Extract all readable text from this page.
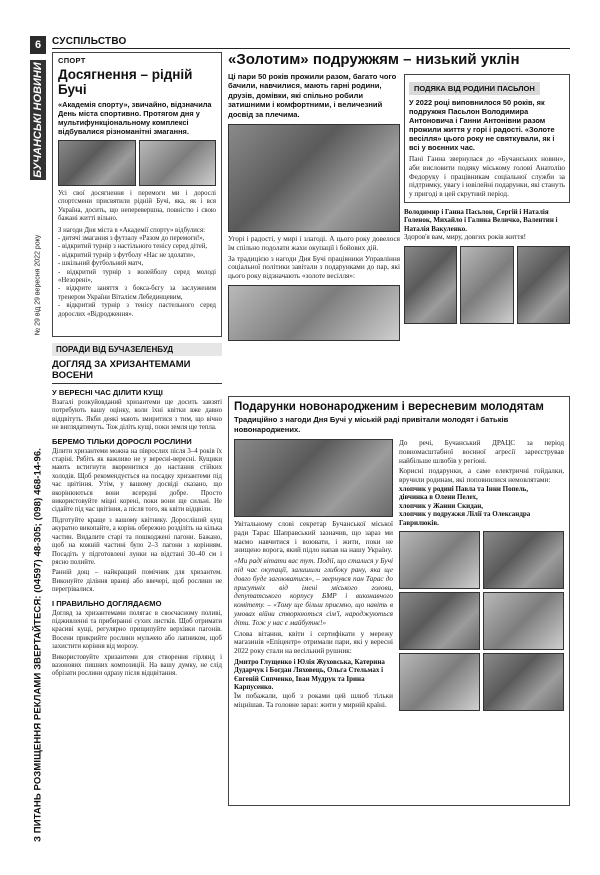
6	СУСПІЛЬСТВО
БУЧАНСЬКІ НОВИНИ
№ 29 від 29 вересня 2022 року
З ПИТАНЬ РОЗМІЩЕННЯ РЕКЛАМИ ЗВЕРТАЙТЕСЯ: (04597) 48-305; (098) 468-14-96.
СПОРТ
Досягнення – рідній Бучі
«Академія спорту», звичайно, відзначила День міста спортивно. Протягом дня у мультифункціональному комплексі відбувалися різноманітні змагання.
Усі свої досягнення і перемоги ми і дорослі спортсмени присвятили рідній Бучі, яка, як і вся Україна, досить, що неперевершна, повністю і свою бажані житті вільно.
З нагоди Дня міста в «Академії спорту» відбулися:
- дитячі змагання з футзалу «Разом до перемоги!»,
- відкритий турнір з настільного тенісу серед дітей,
- відкритий турнір з футболу «Нас не здолати»,
- шкільний футбольний матч,
- відкритий турнір з волейболу серед молоді «Незорені»,
- відкрите заняття з бокса-бєгу за заслуженим тренером України Віталієм Лебединцевим,
- відкритий турнір з тенісу пастельного серед дорослих «Відродження».
ПОРАДИ ВІД БУЧАЗЕЛЕНБУД
ДОГЛЯД ЗА ХРИЗАНТЕМАМИ ВОСЕНИ
У ВЕРЕСНІ ЧАС ДІЛИТИ КУЩІ
Взагалі розкуйовданий хризантеми ще досить завзяті потребують вашу оцінку, коли їхні квітки вже давно відцвітуть. Якби деякі мають змиритися з тим, що вічно не виглядатимуть. Тож діліть кущі, поки земля ще тепла.
БЕРЕМО ТІЛЬКИ ДОРОСЛІ РОСЛИНИ
Ділити хризантеми можна на піврослих після 3–4 років їх старіні. Рябіть як важливо не у вересні-вересні. Кущики мають встигнути вкоренитися до настання стійких холодів. Щоб рекомендується на посадку хризантеми під час цвітіння. Утім, у вашому досвіді сказано, що вкорінюються вони всередні добре. Просто використовуйте міцні корені, поки вони ще сильні. Не сідайте під час цвітіння, а після того, як квіти відцвіли.
Підготуйте краще з вашому квітнику. Доросліший кущ акуратно викопайте, а корінь обережно розділіть на кілька частин. Видалите старі та пошкоджені пагони. Бажано, щоб на кожній частині було 2–3 пагони з корінням. Посадіть у підготовлені лунки на відстані 30–40 см і рясно полийте.
Ранній дощ – найкращий помічник для хризантем. Виконуйте діління вранці або ввечері, щоб рослини не перегрівалися.
І ПРАВИЛЬНО ДОГЛЯДАЄМО
Догляд за хризантемами полягає в своєчасному поливі, підживленні та прибиранні сухих листків. Щоб отримати красиві кущі, регулярно прищипуйте верхівки пагонів. Восени прикрийте рослини мульчею або лапником, щоб захистити коріння від морозу.
Використовуйте хризантеми для створення гірлянд і вазонових пишних композицій. На вашу думку, не слід обрізати рослини одразу після відцвітання.
«Золотим» подружжям – низький уклін
Ці пари 50 років прожили разом, багато чого бачили, навчилися, мають гарні родини, друзів, домівки, які спільно робили затишними і комфортними, і величезний досвід за плечима.
Угорі і радості, у мирі і злагоді. А цього року довелося їм спільно подолати жахи окупації і бойових дій.
За традицією з нагоди Дня Бучі працівники Управління соціальної політики завітали з подарунками до пар, які цього року відзначають «золоте весілля»:
ПОДЯКА ВІД РОДИНИ ПАСЬЛОН
У 2022 році виповнилося 50 років, як подружжя Пасьлон Володимира Антоновича і Ганни Антонівни разом прожили життя у горі і радості. «Золоте весілля» цього року не святкували, як і всі у воєнних час.
Пані Ганна звернулася до «Бучанських новин», аби висловити подяку міському голові Анатолію Федоруку і працівникам соціальної служби за підтримку, увагу і ювілейні подарунки, які стануть у пригоді в цей скрутний період.
Володимир і Ганна Пасьлон, Сергій і Наталія Голенок, Михайло і Галина Величко, Валентин і Наталія Вакуленко.
Здоров'я вам, миру, довгих років життя!
Подарунки новонародженим і вересневим молодятам
Традиційно з нагоди Дня Бучі у міській раді привітали молодят і батьків новонароджених.
Увітальному слові секретар Бучанської міської ради Тарас Шаправський зазначив, що зараз ми маємо навчитися і воювати, і жити, поки не знищено ворога, який підло напав на нашу Україну.
«Ми раді вітати вас тут. Події, що сталися у Бучі під час окупації, залишили глибоку рану, яка ще довго буде загоюватися», – звернувся пан Тарас до присутніх від імені міського голови, депутатського корпусу БМР і виконавчого комітету. – «Тому ще більш приємно, що навіть в умовах війни створюються сім'ї, народжуються діти. Тож у нас є майбутнє!»
Слова вітання, квіти і сертифікати у мережу магазинів «Епіцентр» отримали пари, які у вересні 2022 року стали на весільний рушник:
Дмитро Глущенко і Юлія Жуховська, Катерина Дударчук і Богдан Ляховець, Ольга Стельмах і Євгеній Сипченко, Іван Мудрук та Ірина Карпусенко.
Їм побажали, щоб з роками цей шлюб тільки міцнішав. Та головне зараз: жити у мирній країні.
До речі, Бучанський ДРАЦС за період повномасштабної воєнної агресії зареєстрував найбільше шлюбів у регіоні.
Корисні подарунки, а саме електричні гойдалки, вручили родинам, які поповнилися немовлятами:
хлопчик у родині Павла та Інни Попель,
дівчинка в Олени Пелех,
хлопчик у Жанни Скидан,
хлопчик у подружжя Лілії та Олександра Гаврилюків.
